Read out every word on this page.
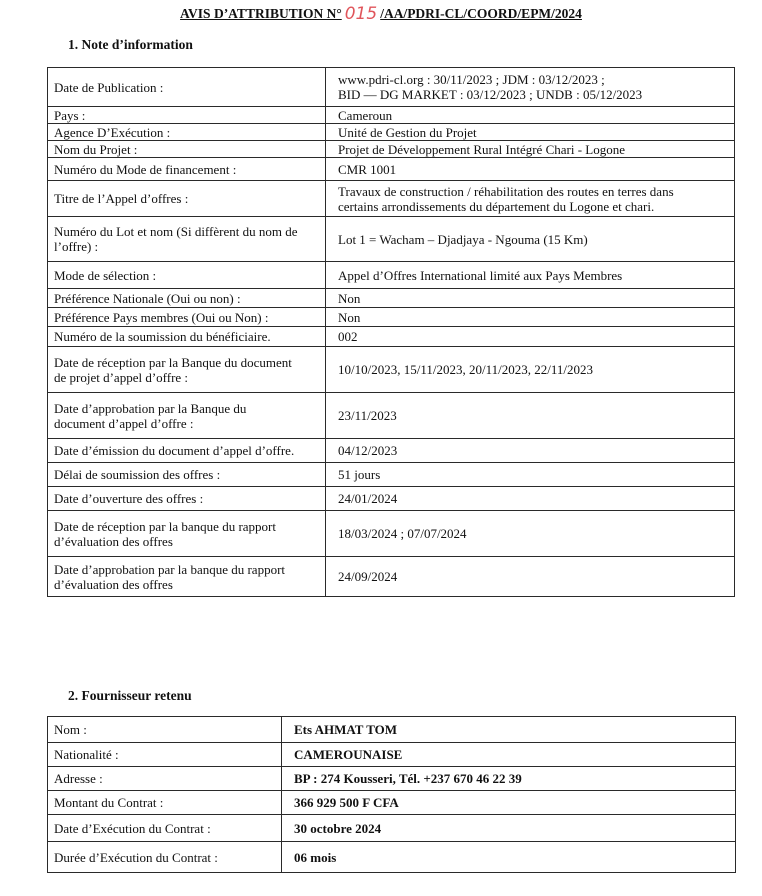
AVIS D’ATTRIBUTION N° 015 /AA/PDRI-CL/COORD/EPM/2024
1. Note d’information
Date de Publication :	www.pdri-cl.org : 30/11/2023 ; JDM : 03/12/2023 ;
BID — DG MARKET : 03/12/2023 ; UNDB : 05/12/2023

Pays :	Cameroun

Agence D’Exécution :	Unité de Gestion du Projet

Nom du Projet :	Projet de Développement Rural Intégré Chari - Logone

Numéro du Mode de financement :	CMR 1001

Titre de l’Appel d’offres :	Travaux de construction / réhabilitation des routes en terres dans
certains arrondissements du département du Logone et chari.

Numéro du Lot et nom (Si diffèrent du nom de
l’offre) :	Lot 1 = Wacham – Djadjaya - Ngouma (15 Km)

Mode de sélection :	Appel d’Offres International limité aux Pays Membres

Préférence Nationale (Oui ou non) :	Non

Préférence Pays membres (Oui ou Non) :	Non

Numéro de la soumission du bénéficiaire.	002

Date de réception par la Banque du document
de projet d’appel d’offre :	10/10/2023, 15/11/2023, 20/11/2023, 22/11/2023

Date d’approbation par la Banque du
document d’appel d’offre :	23/11/2023

Date d’émission du document d’appel d’offre.	04/12/2023

Délai de soumission des offres :	51 jours

Date d’ouverture des offres :	24/01/2024

Date de réception par la banque du rapport
d’évaluation des offres	18/03/2024 ; 07/07/2024

Date d’approbation par la banque du rapport
d’évaluation des offres	24/09/2024
2. Fournisseur retenu
Nom :	Ets AHMAT TOM

Nationalité :	CAMEROUNAISE

Adresse :	BP : 274 Kousseri, Tél. +237 670 46 22 39

Montant du Contrat :	366 929 500 F CFA

Date d’Exécution du Contrat :	30 octobre 2024

Durée d’Exécution du Contrat :	06 mois
